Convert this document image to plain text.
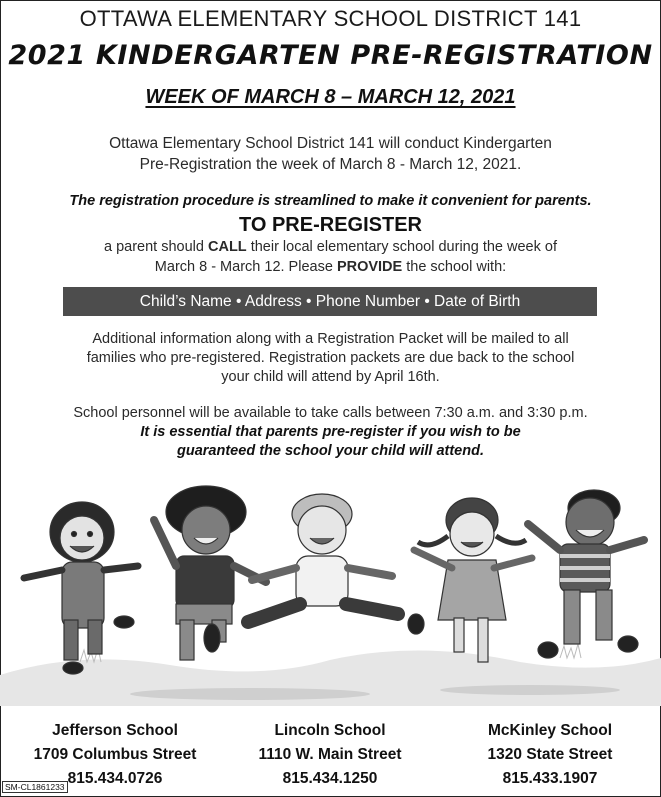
OTTAWA ELEMENTARY SCHOOL DISTRICT 141
2021 KINDERGARTEN PRE-REGISTRATION
WEEK OF MARCH 8 – MARCH 12, 2021
Ottawa Elementary School District 141 will conduct Kindergarten
Pre-Registration the week of March 8 - March 12, 2021.
The registration procedure is streamlined to make it convenient for parents.
TO PRE-REGISTER
a parent should CALL their local elementary school during the week of
March 8 - March 12. Please PROVIDE the school with:
Child’s Name • Address • Phone Number • Date of Birth
Additional information along with a Registration Packet will be mailed to all
families who pre-registered. Registration packets are due back to the school
your child will attend by April 16th.
School personnel will be available to take calls between 7:30 a.m. and 3:30 p.m.
It is essential that parents pre-register if you wish to be
guaranteed the school your child will attend.
Jefferson School
1709 Columbus Street
815.434.0726
Lincoln School
1110 W. Main Street
815.434.1250
McKinley School
1320 State Street
815.433.1907
SM-CL1861233
